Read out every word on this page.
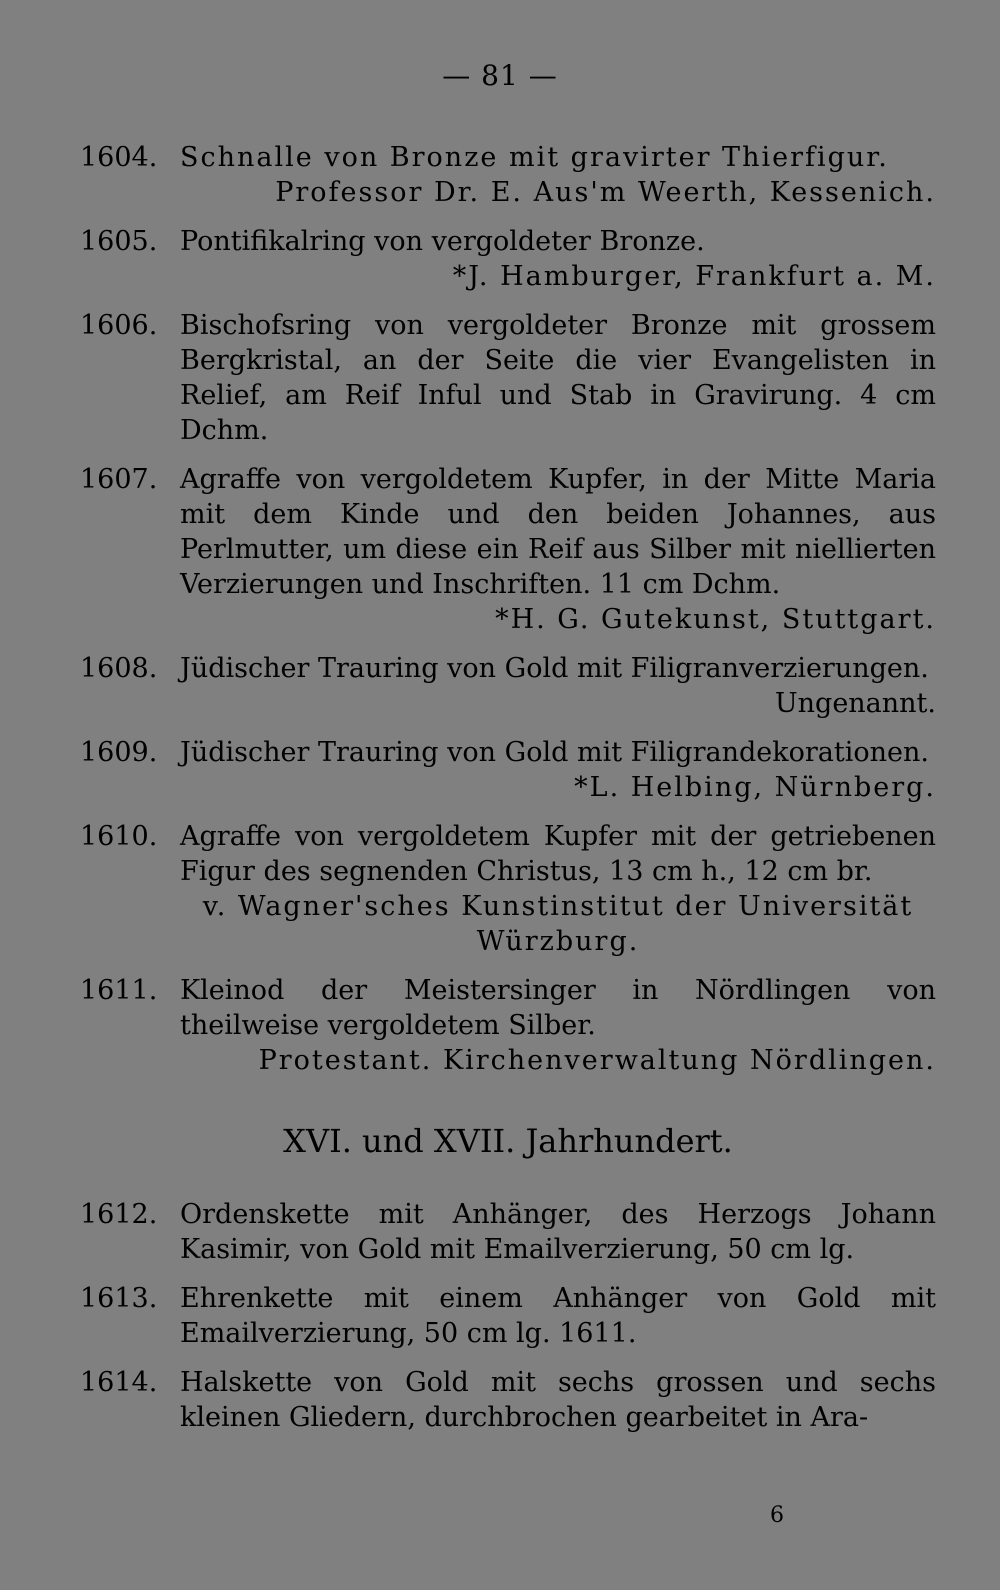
— 81 —
1604. Schnalle von Bronze mit gravirter Thierfigur.
Professor Dr. E. Aus'm Weerth, Kessenich.
1605. Pontifikalring von vergoldeter Bronze.
*J. Hamburger, Frankfurt a. M.
1606. Bischofsring von vergoldeter Bronze mit grossem Bergkristal, an der Seite die vier Evangelisten in Relief, am Reif Inful und Stab in Gravirung. 4 cm Dchm.
1607. Agraffe von vergoldetem Kupfer, in der Mitte Maria mit dem Kinde und den beiden Johannes, aus Perlmutter, um diese ein Reif aus Silber mit niellierten Verzierungen und Inschriften. 11 cm Dchm.
*H. G. Gutekunst, Stuttgart.
1608. Jüdischer Trauring von Gold mit Filigranverzierungen.
Ungenannt.
1609. Jüdischer Trauring von Gold mit Filigrandekorationen.
*L. Helbing, Nürnberg.
1610. Agraffe von vergoldetem Kupfer mit der getriebenen Figur des segnenden Christus, 13 cm h., 12 cm br.
v. Wagner'sches Kunstinstitut der Universität Würzburg.
1611. Kleinod der Meistersinger in Nördlingen von theilweise vergoldetem Silber.
Protestant. Kirchenverwaltung Nördlingen.
XVI. und XVII. Jahrhundert.
1612. Ordenskette mit Anhänger, des Herzogs Johann Kasimir, von Gold mit Emailverzierung, 50 cm lg.
1613. Ehrenkette mit einem Anhänger von Gold mit Emailverzierung, 50 cm lg. 1611.
1614. Halskette von Gold mit sechs grossen und sechs kleinen Gliedern, durchbrochen gearbeitet in Ara-
6
